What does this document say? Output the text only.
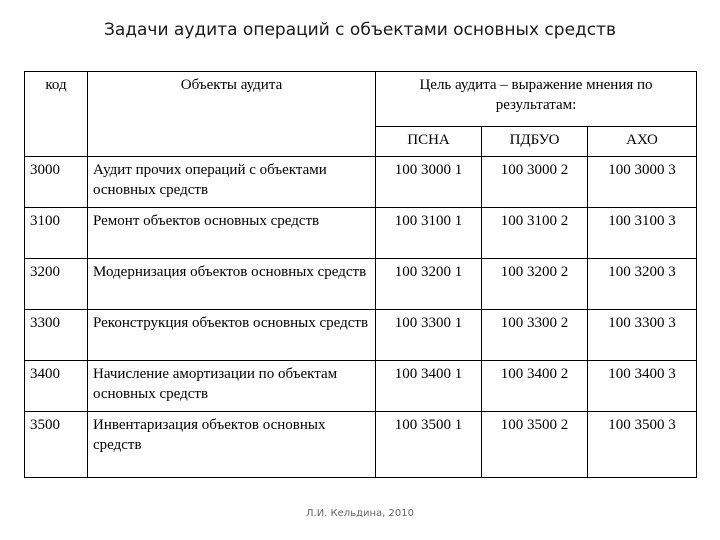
Задачи аудита операций с объектами основных средств
код	Объекты аудита	Цель аудита – выражение мнения по результатам:		
		ПСНА	ПДБУО	АХО
3000	Аудит прочих операций с объектами основных средств	100 3000 1	100 3000 2	100 3000 3
3100	Ремонт объектов основных средств	100 3100 1	100 3100 2	100 3100 3
3200	Модернизация объектов основных средств	100 3200 1	100 3200 2	100 3200 3
3300	Реконструкция объектов основных средств	100 3300 1	100 3300 2	100 3300 3
3400	Начисление амортизации по объектам основных средств	100 3400 1	100 3400 2	100 3400 3
3500	Инвентаризация объектов основных средств	100 3500 1	100 3500 2	100 3500 3
Л.И. Кельдина, 2010
